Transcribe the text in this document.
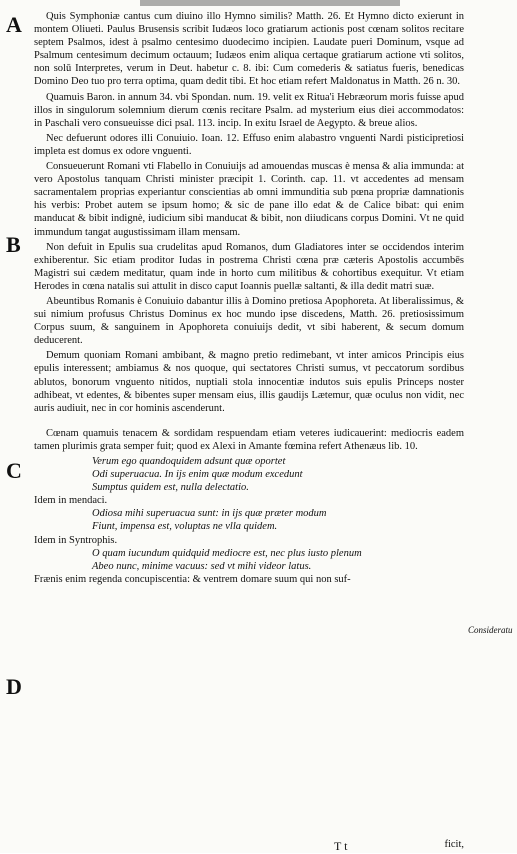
A
B
C
D
Consideratu

Quis Symphoniæ cantus cum diuino illo Hymno similis? Matth. 26. Et Hymno dicto exierunt in montem Oliueti. Paulus Brusensis scribit Iudæos loco gratiarum actionis post cœnam solitos recitare septem Psalmos, idest à psalmo centesimo duodecimo incipien. Laudate pueri Dominum, vsque ad Psalmum centesimum decimum octauum; Iudæos enim aliqua certaque gratiarum actione vti solitos, non solū Interpretes, verum in Deut. habetur c. 8. ibi: Cum comederis & satiatus fueris, benedicas Domino Deo tuo pro terra optima, quam dedit tibi. Et hoc etiam refert Maldonatus in Matth. 26 n. 30.

Quamuis Baron. in annum 34. vbi Spondan. num. 19. velit ex Ritua'i Hebræorum moris fuisse apud illos in singulorum solemnium dierum cœnis recitare Psalm. ad mysterium eius diei accommodatos: in Paschali vero consueuisse dici psal. 113. incip. In exitu Israel de Aegypto. & breue alios.

Nec defuerunt odores illi Conuiuio. Ioan. 12. Effuso enim alabastro vnguenti Nardi pisticipretiosi impleta est domus ex odore vnguenti.

Consueuerunt Romani vti Flabello in Conuiuijs ad amouendas muscas è mensa & alia immunda: at vero Apostolus tanquam Christi minister præcipit 1. Corinth. cap. 11. vt accedentes ad mensam sacramentalem proprias experiantur conscientias ab omni immunditia sub pœna propriæ damnationis his verbis: Probet autem se ipsum homo; & sic de pane illo edat & de Calice bibat: qui enim manducat & bibit indignè, iudicium sibi manducat & bibit, non diiudicans corpus Domini. Vt ne quid immundum tangat augustissimam illam mensam.

Non defuit in Epulis sua crudelitas apud Romanos, dum Gladiatores inter se occidendos interim exhiberentur. Sic etiam proditor Iudas in postrema Christi cœna præ cæteris Apostolis accumbēs Magistri sui cædem meditatur, quam inde in horto cum militibus & cohortibus exequitur. Vt etiam Herodes in cœna natalis sui attulit in disco caput Ioannis puellæ saltanti, & illa dedit matri suæ.

Abeuntibus Romanis è Conuiuio dabantur illis à Domino pretiosa Apophoreta. At liberalissimus, & sui nimium profusus Christus Dominus ex hoc mundo ipse discedens, Matth. 26. pretiosissimum Corpus suum, & sanguinem in Apophoreta conuiuijs dedit, vt sibi haberent, & secum domum deducerent.

Demum quoniam Romani ambibant, & magno pretio redimebant, vt inter amicos Principis eius epulis interessent; ambiamus & nos quoque, qui sectatores Christi sumus, vt peccatorum sordibus ablutos, bonorum vnguento nitidos, nuptiali stola innocentiæ indutos suis epulis Princeps noster adhibeat, vt edentes, & bibentes super mensam eius, illis gaudijs Lætemur, quæ oculus non vidit, nec auris audiuit, nec in cor hominis ascenderunt.

Cœnam quamuis tenacem & sordidam respuendam etiam veteres iudicauerint: mediocris eadem tamen plurimis grata semper fuit; quod ex Alexi in Amante fœmina refert Athenæus lib. 10.

Verum ego quandoquidem adsunt quæ oportet
Odi superuacua. In ijs enim quæ modum excedunt
Sumptus quidem est, nulla delectatio.
Idem in mendaci.
Odiosa mihi superuacua sunt: in ijs quæ præter modum
Fiunt, impensa est, voluptas ne vlla quidem.
Idem in Syntrophis.
O quam iucundum quidquid mediocre est, nec plus iusto plenum
Abeo nunc, minime vacuus: sed vt mihi videor latus.

Frænis enim regenda concupiscentia: & ventrem domare suum qui non suf-

T t	ficit,
